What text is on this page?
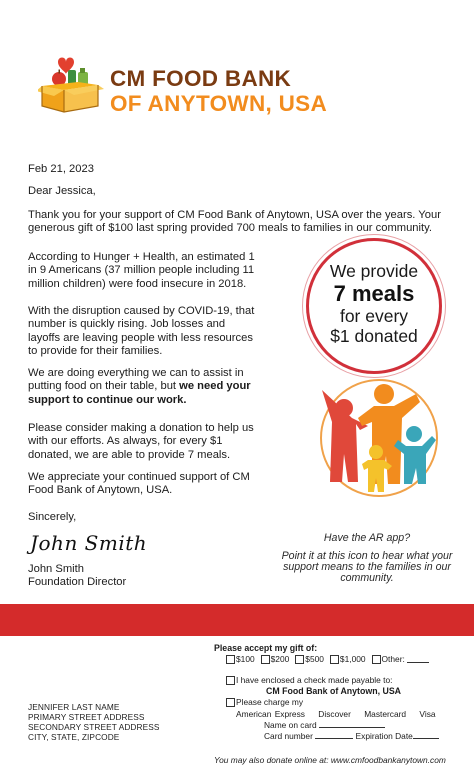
CM FOOD BANK
OF ANYTOWN, USA
Feb 21, 2023
Dear Jessica,
Thank you for your support of CM Food Bank of Anytown, USA over the years. Your generous gift of $100 last spring provided 700 meals to families in our community.
According to Hunger + Health, an estimated 1 in 9 Americans (37 million people including 11 million children) were food insecure in 2018.
With the disruption caused by COVID-19, that number is quickly rising. Job losses and layoffs are leaving people with less resources to provide for their families.
We are doing everything we can to assist in putting food on their table, but we need your support to continue our work.
Please consider making a donation to help us with our efforts. As always, for every $1 donated, we are able to provide 7 meals.
We appreciate your continued support of CM Food Bank of Anytown, USA.
Sincerely,
John Smith
John Smith
Foundation Director
We provide
7 meals
for every
$1 donated
Have the AR app?
Point it at this icon to hear what your support means to the families in our community.
Please accept my gift of:
$100 $200 $500 $1,000 Other:
I have enclosed a check made payable to:
CM Food Bank of Anytown, USA
Please charge my
American Express Discover Mastercard Visa
Name on card
Card number	Expiration Date
JENNIFER LAST NAME
PRIMARY STREET ADDRESS
SECONDARY STREET ADDRESS
CITY, STATE, ZIPCODE
You may also donate online at: www.cmfoodbankanytown.com
